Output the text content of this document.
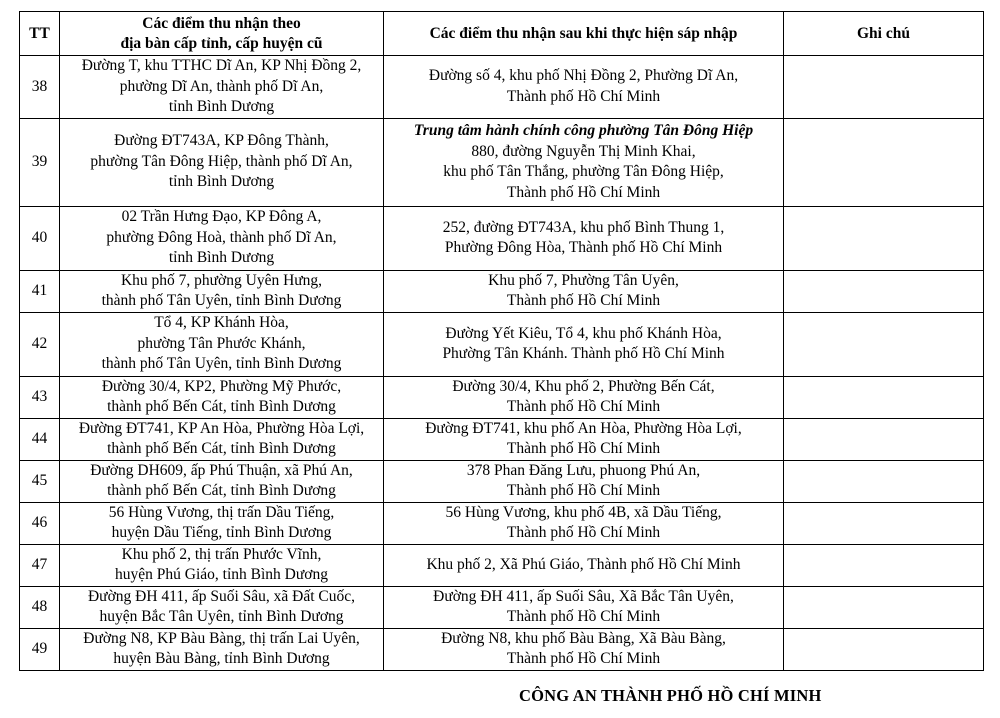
TT	Các điểm thu nhận theo
địa bàn cấp tỉnh, cấp huyện cũ	Các điểm thu nhận sau khi thực hiện sáp nhập	Ghi chú
38	Đường T, khu TTHC Dĩ An, KP Nhị Đồng 2,
phường Dĩ An, thành phố Dĩ An,
tỉnh Bình Dương	Đường số 4, khu phố Nhị Đồng 2, Phường Dĩ An,
Thành phố Hồ Chí Minh	

39	Đường ĐT743A, KP Đông Thành,
phường Tân Đông Hiệp, thành phố Dĩ An,
tỉnh Bình Dương	Trung tâm hành chính công phường Tân Đông Hiệp
880, đường Nguyễn Thị Minh Khai,
khu phố Tân Thắng, phường Tân Đông Hiệp,
Thành phố Hồ Chí Minh	

40	02 Trần Hưng Đạo, KP Đông A,
phường Đông Hoà, thành phố Dĩ An,
tỉnh Bình Dương	252, đường ĐT743A, khu phố Bình Thung 1,
Phường Đông Hòa, Thành phố Hồ Chí Minh	

41	Khu phố 7, phường Uyên Hưng,
thành phố Tân Uyên, tỉnh Bình Dương	Khu phố 7, Phường Tân Uyên,
Thành phố Hồ Chí Minh	

42	Tổ 4, KP Khánh Hòa,
phường Tân Phước Khánh,
thành phố Tân Uyên, tỉnh Bình Dương	Đường Yết Kiêu, Tổ 4, khu phố Khánh Hòa,
Phường Tân Khánh. Thành phố Hồ Chí Minh	

43	Đường 30/4, KP2, Phường Mỹ Phước,
thành phố Bến Cát, tỉnh Bình Dương	Đường 30/4, Khu phố 2, Phường Bến Cát,
Thành phố Hồ Chí Minh	

44	Đường ĐT741, KP An Hòa, Phường Hòa Lợi,
thành phố Bến Cát, tỉnh Bình Dương	Đường ĐT741, khu phố An Hòa, Phường Hòa Lợi,
Thành phố Hồ Chí Minh	

45	Đường DH609, ấp Phú Thuận, xã Phú An,
thành phố Bến Cát, tỉnh Bình Dương	378 Phan Đăng Lưu, phuong Phú An,
Thành phố Hồ Chí Minh	

46	56 Hùng Vương, thị trấn Dầu Tiếng,
huyện Dầu Tiếng, tỉnh Bình Dương	56 Hùng Vương, khu phố 4B, xã Dầu Tiếng,
Thành phố Hồ Chí Minh	

47	Khu phố 2, thị trấn Phước Vĩnh,
huyện Phú Giáo, tỉnh Bình Dương	Khu phố 2, Xã Phú Giáo, Thành phố Hồ Chí Minh	

48	Đường ĐH 411, ấp Suối Sâu, xã Đất Cuốc,
huyện Bắc Tân Uyên, tỉnh Bình Dương	Đường ĐH 411, ấp Suối Sâu, Xã Bắc Tân Uyên,
Thành phố Hồ Chí Minh	

49	Đường N8, KP Bàu Bàng, thị trấn Lai Uyên,
huyện Bàu Bàng, tỉnh Bình Dương	Đường N8, khu phố Bàu Bàng, Xã Bàu Bàng,
Thành phố Hồ Chí Minh	

CÔNG AN THÀNH PHỐ HỒ CHÍ MINH
